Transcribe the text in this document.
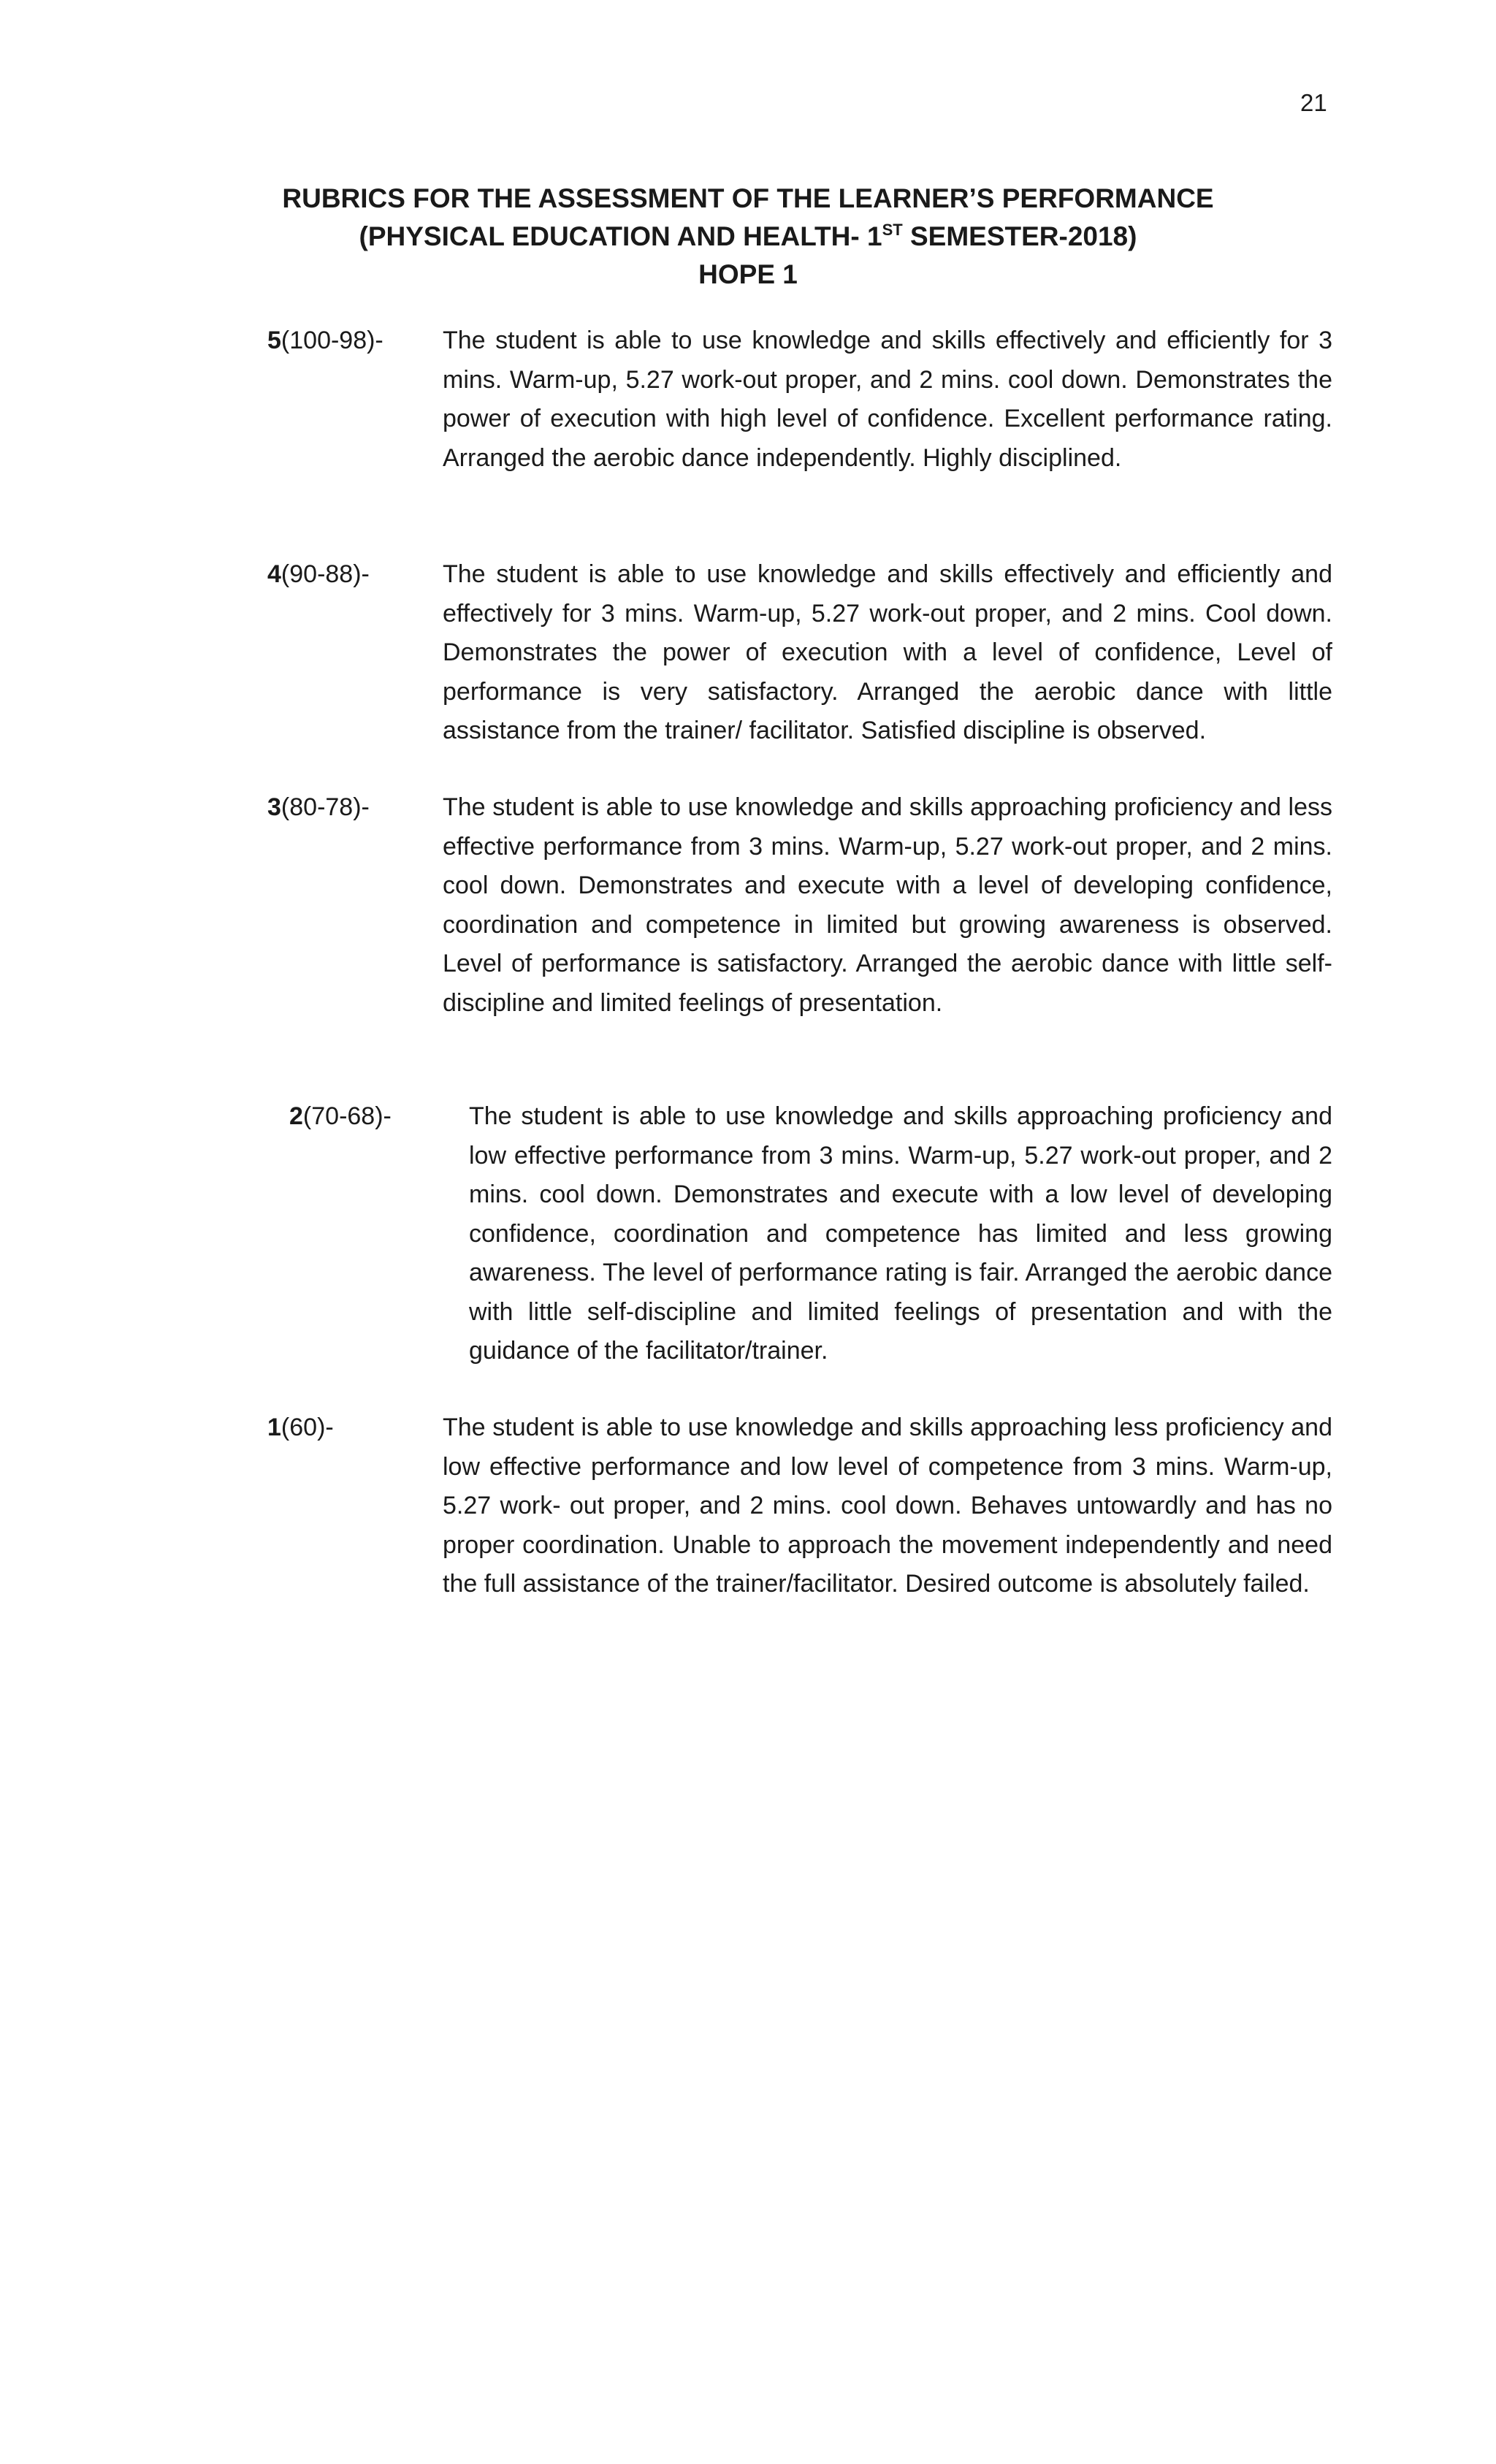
21
RUBRICS FOR THE ASSESSMENT OF THE LEARNER’S PERFORMANCE
(PHYSICAL EDUCATION AND HEALTH- 1ST SEMESTER-2018)
HOPE 1
5(100-98)- The student is able to use knowledge and skills effectively and efficiently for 3 mins. Warm-up, 5.27 work-out proper, and 2 mins. cool down. Demonstrates the power of execution with high level of confidence. Excellent performance rating. Arranged the aerobic dance independently. Highly disciplined.
4(90-88)-	The student is able to use knowledge and skills effectively and efficiently and effectively for 3 mins. Warm-up, 5.27 work-out proper, and 2 mins. Cool down. Demonstrates the power of execution with a level of confidence, Level of performance is very satisfactory. Arranged the aerobic dance with little assistance from the trainer/ facilitator. Satisfied discipline is observed.
3(80-78)-	The student is able to use knowledge and skills approaching proficiency and less effective performance from 3 mins. Warm-up, 5.27 work-out proper, and 2 mins. cool down. Demonstrates and execute with a level of developing confidence, coordination and competence in limited but growing awareness is observed. Level of performance is satisfactory. Arranged the aerobic dance with little self-discipline and limited feelings of presentation.
2(70-68)-	The student is able to use knowledge and skills approaching proficiency and low effective performance from 3 mins. Warm-up, 5.27 work-out proper, and 2 mins. cool down. Demonstrates and execute with a low level of developing confidence, coordination and competence has limited and less growing awareness. The level of performance rating is fair. Arranged the aerobic dance with little self-discipline and limited feelings of presentation and with the guidance of the facilitator/trainer.
1(60)-	The student is able to use knowledge and skills approaching less proficiency and low effective performance and low level of competence from 3 mins. Warm-up, 5.27 work- out proper, and 2 mins. cool down. Behaves untowardly and has no proper coordination. Unable to approach the movement independently and need the full assistance of the trainer/facilitator. Desired outcome is absolutely failed.
